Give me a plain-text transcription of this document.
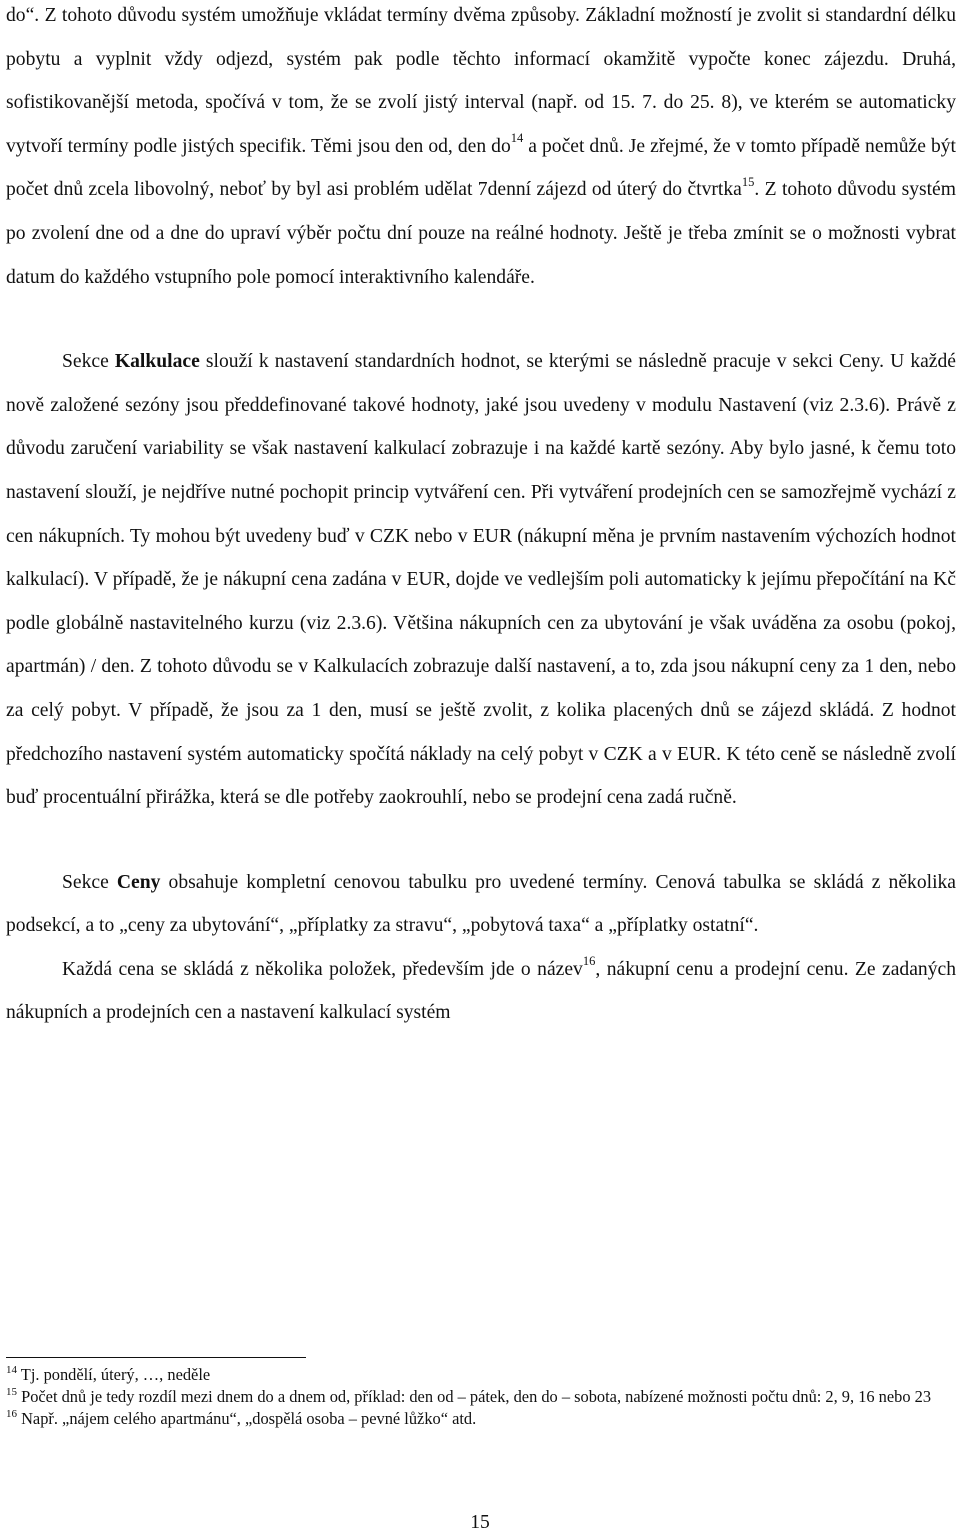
do“. Z tohoto důvodu systém umožňuje vkládat termíny dvěma způsoby. Základní možností je zvolit si standardní délku pobytu a vyplnit vždy odjezd, systém pak podle těchto informací okamžitě vypočte konec zájezdu. Druhá, sofistikovanější metoda, spočívá v tom, že se zvolí jistý interval (např. od 15. 7. do 25. 8), ve kterém se automaticky vytvoří termíny podle jistých specifik. Těmi jsou den od, den $do^{14}$ a počet dnů. Je zřejmé, že v tomto případě nemůže být počet dnů zcela libovolný, neboť by byl asi problém udělat 7denní zájezd od úterý do čtvrtka$^{15}$. Z tohoto důvodu systém po zvolení dne od a dne do upraví výběr počtu dní pouze na reálné hodnoty. Ještě je třeba zmínit se o možnosti vybrat datum do každého vstupního pole pomocí interaktivního kalendáře.

Sekce Kalkulace slouží k nastavení standardních hodnot, se kterými se následně pracuje v sekci Ceny. U každé nově založené sezóny jsou předdefinované takové hodnoty, jaké jsou uvedeny v modulu Nastavení (viz 2.3.6). Právě z důvodu zaručení variability se však nastavení kalkulací zobrazuje i na každé kartě sezóny. Aby bylo jasné, k čemu toto nastavení slouží, je nejdříve nutné pochopit princip vytváření cen. Při vytváření prodejních cen se samozřejmě vychází z cen nákupních. Ty mohou být uvedeny buď v CZK nebo v EUR (nákupní měna je prvním nastavením výchozích hodnot kalkulací). V případě, že je nákupní cena zadána v EUR, dojde ve vedlejším poli automaticky k jejímu přepočítání na Kč podle globálně nastavitelného kurzu (viz 2.3.6). Většina nákupních cen za ubytování je však uváděna za osobu (pokoj, apartmán) / den. Z tohoto důvodu se v Kalkulacích zobrazuje další nastavení, a to, zda jsou nákupní ceny za 1 den, nebo za celý pobyt. V případě, že jsou za 1 den, musí se ještě zvolit, z kolika placených dnů se zájezd skládá. Z hodnot předchozího nastavení systém automaticky spočítá náklady na celý pobyt v CZK a v EUR. K této ceně se následně zvolí buď procentuální přirážka, která se dle potřeby zaokrouhlí, nebo se prodejní cena zadá ručně.

Sekce Ceny obsahuje kompletní cenovou tabulku pro uvedené termíny. Cenová tabulka se skládá z několika podsekcí, a to „ceny za ubytování“, „příplatky za stravu“, „pobytová taxa“ a „příplatky ostatní“.

Každá cena se skládá z několika položek, především jde o název$^{16}$, nákupní cenu a prodejní cenu. Ze zadaných nákupních a prodejních cen a nastavení kalkulací systém

$^{14}$ Tj. pondělí, úterý, …, neděle

$^{15}$ Počet dnů je tedy rozdíl mezi dnem do a dnem od, příklad: den od – pátek, den do – sobota, nabízené možnosti počtu dnů: 2, 9, 16 nebo 23

$^{16}$ Např. „nájem celého apartmánu“, „dospělá osoba – pevné lůžko“ atd.

15
